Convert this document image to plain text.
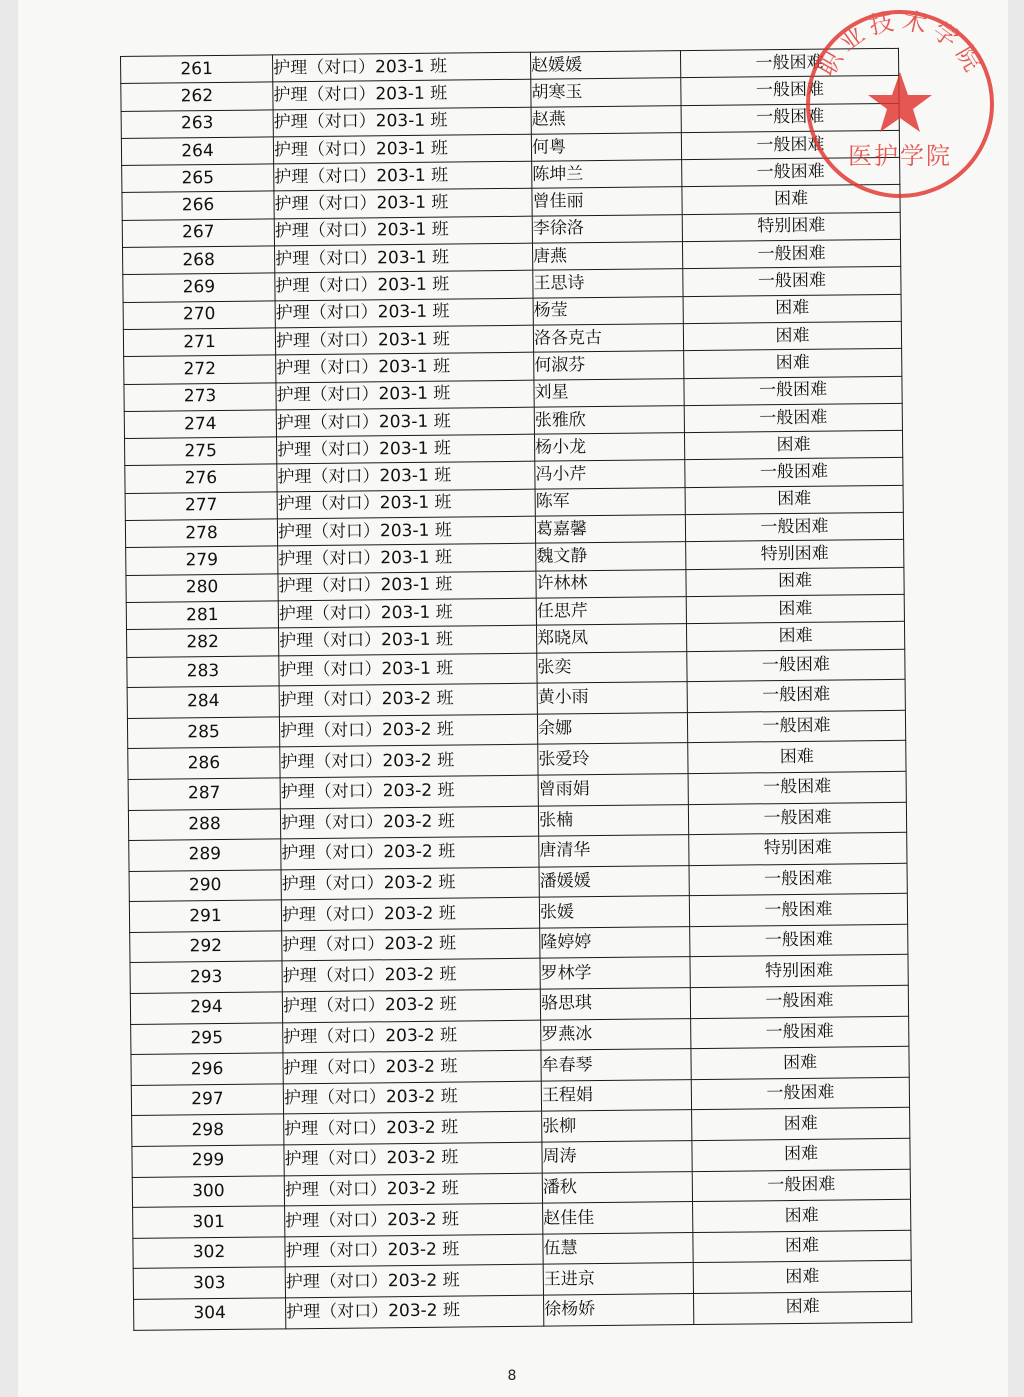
261	护理（对口）203-1 班	赵媛媛	一般困难
262	护理（对口）203-1 班	胡寒玉	一般困难
263	护理（对口）203-1 班	赵燕	一般困难
264	护理（对口）203-1 班	何粤	一般困难
265	护理（对口）203-1 班	陈坤兰	一般困难
266	护理（对口）203-1 班	曾佳丽	困难
267	护理（对口）203-1 班	李徐洛	特别困难
268	护理（对口）203-1 班	唐燕	一般困难
269	护理（对口）203-1 班	王思诗	一般困难
270	护理（对口）203-1 班	杨莹	困难
271	护理（对口）203-1 班	洛各克古	困难
272	护理（对口）203-1 班	何淑芬	困难
273	护理（对口）203-1 班	刘星	一般困难
274	护理（对口）203-1 班	张雅欣	一般困难
275	护理（对口）203-1 班	杨小龙	困难
276	护理（对口）203-1 班	冯小芹	一般困难
277	护理（对口）203-1 班	陈军	困难
278	护理（对口）203-1 班	葛嘉馨	一般困难
279	护理（对口）203-1 班	魏文静	特别困难
280	护理（对口）203-1 班	许林林	困难
281	护理（对口）203-1 班	任思芹	困难
282	护理（对口）203-1 班	郑晓凤	困难
283	护理（对口）203-1 班	张奕	一般困难
284	护理（对口）203-2 班	黄小雨	一般困难
285	护理（对口）203-2 班	余娜	一般困难
286	护理（对口）203-2 班	张爱玲	困难
287	护理（对口）203-2 班	曾雨娟	一般困难
288	护理（对口）203-2 班	张楠	一般困难
289	护理（对口）203-2 班	唐清华	特别困难
290	护理（对口）203-2 班	潘媛媛	一般困难
291	护理（对口）203-2 班	张媛	一般困难
292	护理（对口）203-2 班	隆婷婷	一般困难
293	护理（对口）203-2 班	罗林学	特别困难
294	护理（对口）203-2 班	骆思琪	一般困难
295	护理（对口）203-2 班	罗燕冰	一般困难
296	护理（对口）203-2 班	牟春琴	困难
297	护理（对口）203-2 班	王程娟	一般困难
298	护理（对口）203-2 班	张柳	困难
299	护理（对口）203-2 班	周涛	困难
300	护理（对口）203-2 班	潘秋	一般困难
301	护理（对口）203-2 班	赵佳佳	困难
302	护理（对口）203-2 班	伍慧	困难
303	护理（对口）203-2 班	王进京	困难
304	护理（对口）203-2 班	徐杨娇	困难
职业技术学院
医护学院
8
